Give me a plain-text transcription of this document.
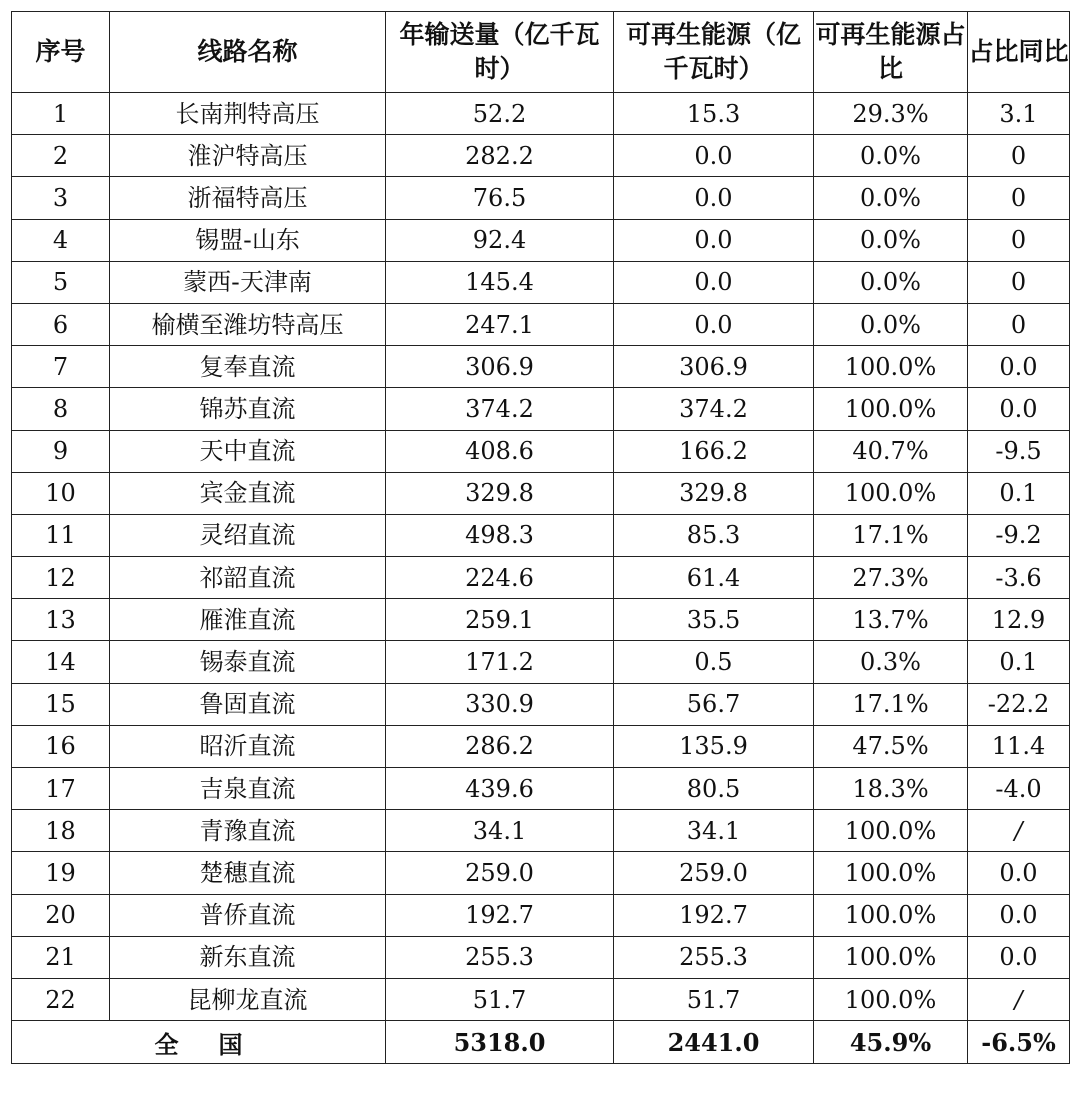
序号	线路名称	年输送量（亿千瓦时）	可再生能源（亿千瓦时）	可再生能源占比	占比同比
1	长南荆特高压	52.2	15.3	29.3%	3.1
2	淮沪特高压	282.2	0.0	0.0%	0
3	浙福特高压	76.5	0.0	0.0%	0
4	锡盟-山东	92.4	0.0	0.0%	0
5	蒙西-天津南	145.4	0.0	0.0%	0
6	榆横至潍坊特高压	247.1	0.0	0.0%	0
7	复奉直流	306.9	306.9	100.0%	0.0
8	锦苏直流	374.2	374.2	100.0%	0.0
9	天中直流	408.6	166.2	40.7%	-9.5
10	宾金直流	329.8	329.8	100.0%	0.1
11	灵绍直流	498.3	85.3	17.1%	-9.2
12	祁韶直流	224.6	61.4	27.3%	-3.6
13	雁淮直流	259.1	35.5	13.7%	12.9
14	锡泰直流	171.2	0.5	0.3%	0.1
15	鲁固直流	330.9	56.7	17.1%	-22.2
16	昭沂直流	286.2	135.9	47.5%	11.4
17	吉泉直流	439.6	80.5	18.3%	-4.0
18	青豫直流	34.1	34.1	100.0%	/
19	楚穗直流	259.0	259.0	100.0%	0.0
20	普侨直流	192.7	192.7	100.0%	0.0
21	新东直流	255.3	255.3	100.0%	0.0
22	昆柳龙直流	51.7	51.7	100.0%	/
全国		5318.0	2441.0	45.9%	-6.5%
